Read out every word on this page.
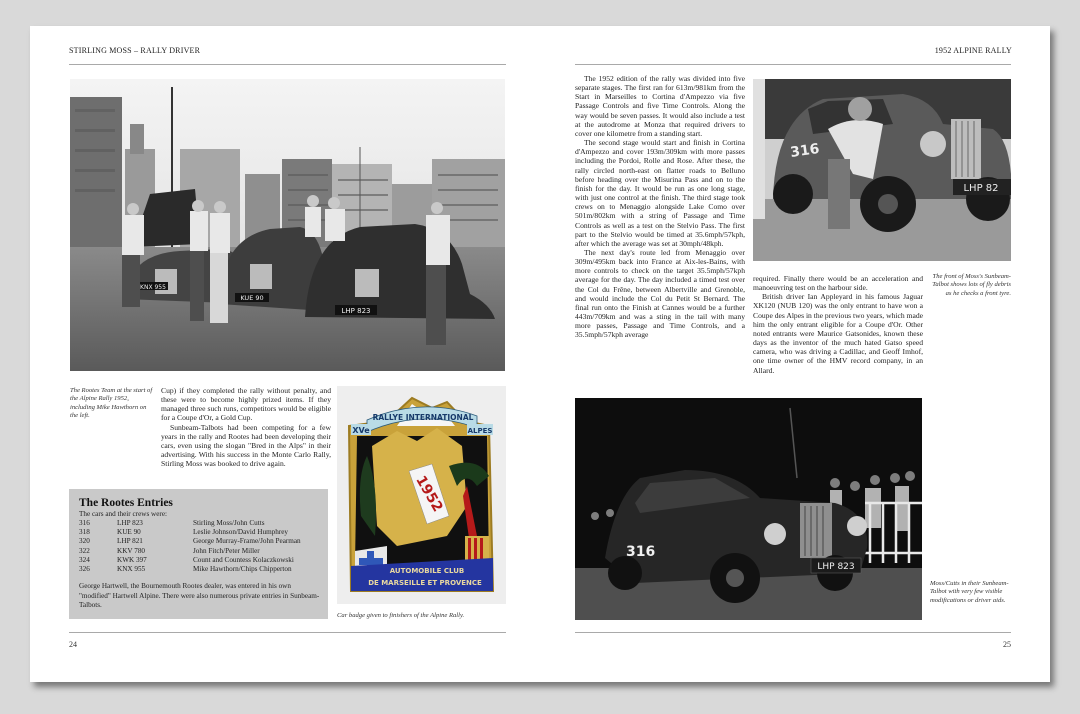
STIRLING MOSS – RALLY DRIVER
KNX 955
KUE 90
LHP 823
The Rootes Team at the start of the Alpine Rally 1952, including Mike Hawthorn on the left.

Cup) if they completed the rally without penalty, and these were to become highly prized items. If they managed three such runs, competitors would be eligible for a Coupe d'Or, a Gold Cup.

Sunbeam-Talbots had been competing for a few years in the rally and Rootes had been developing their cars, even using the slogan "Bred in the Alps" in their advertising. With his success in the Monte Carlo Rally, Stirling Moss was booked to drive again.

The Rootes Entries
The cars and their crews were:
316	LHP 823	Stirling Moss/John Cutts
318	KUE 90	Leslie Johnson/David Humphrey
320	LHP 821	George Murray-Frame/John Pearman
322	KKV 780	John Fitch/Peter Miller
324	KWK 397	Count and Countess Kolaczkowski
326	KNX 955	Mike Hawthorn/Chips Chipperton
George Hartwell, the Bournemouth Rootes dealer, was entered in his own "modified" Hartwell Alpine. There were also numerous private entries in Sunbeam-Talbots.
RALLYE INTERNATIONAL
XVe	ALPES
1952
AUTOMOBILE CLUB
DE MARSEILLE ET PROVENCE
Car badge given to finishers of the Alpine Rally.
24
1952 ALPINE RALLY

The 1952 edition of the rally was divided into five separate stages. The first ran for 613m/981km from the Start in Marseilles to Cortina d'Ampezzo via five Passage Controls and five Time Controls. Along the way would be seven passes. It would also include a test at the autodrome at Monza that required drivers to cover one kilometre from a standing start.

The second stage would start and finish in Cortina d'Ampezzo and cover 193m/309km with more passes including the Pordoi, Rolle and Rose. After these, the rally circled north-east on flatter roads to Belluno before heading over the Misurina Pass and on to the finish for the day. It would be run as one long stage, with just one control at the finish. The third stage took crews on to Menaggio alongside Lake Como over 501m/802km with a string of Passage and Time Controls as well as a test on the Stelvio Pass. The first part to the Stelvio would be timed at 35.6mph/57kph, after which the average was set at 30mph/48kph.

The next day's route led from Menaggio over 309m/495km back into France at Aix-les-Bains, with more controls to check on the target 35.5mph/57kph average for the day. The day included a timed test over the Col du Frêne, between Albertville and Grenoble, and would include the Col du Petit St Bernard. The final run onto the Finish at Cannes would be a further 443m/709km and was a sting in the tail with many more passes, Passage and Time Controls, and a 35.5mph/57kph average

LHP 82
316
The front of Moss's Sunbeam-Talbot shows lots of fly debris as he checks a front tyre.

required. Finally there would be an acceleration and manoeuvring test on the harbour side.

British driver Ian Appleyard in his famous Jaguar XK120 (NUB 120) was the only entrant to have won a Coupe des Alpes in the previous two years, which made him the only entrant eligible for a Coupe d'Or. Other noted entrants were Maurice Gatsonides, known these days as the inventor of the much hated Gatso speed camera, who was driving a Cadillac, and Geoff Imhof, one time owner of the HMV record company, in an Allard.

LHP 823
316
Moss/Cutts in their Sunbeam-Talbot with very few visible modifications or driver aids.
25
